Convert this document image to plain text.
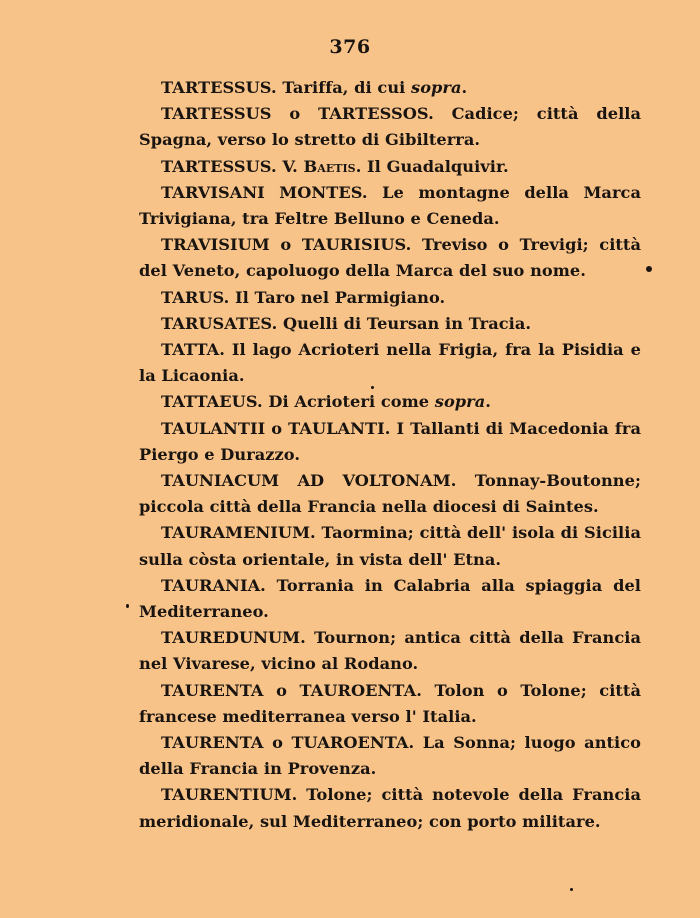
376

TARTESSUS. Tariffa, di cui sopra.

TARTESSUS o TARTESSOS. Cadice; città della Spagna, verso lo stretto di Gibilterra.

TARTESSUS. V. Baetis. Il Guadalquivir.

TARVISANI MONTES. Le montagne della Marca Trivigiana, tra Feltre Belluno e Ceneda.

TRAVISIUM o TAURISIUS. Treviso o Trevigi; città del Veneto, capoluogo della Marca del suo nome.

TARUS. Il Taro nel Parmigiano.

TARUSATES. Quelli di Teursan in Tracia.

TATTA. Il lago Acrioteri nella Frigia, fra la Pisidia e la Licaonia.

TATTAEUS. Di Acrioteri come sopra.

TAULANTII o TAULANTI. I Tallanti di Macedonia fra Piergo e Durazzo.

TAUNIACUM AD VOLTONAM. Tonnay-Boutonne; piccola città della Francia nella diocesi di Saintes.

TAURAMENIUM. Taormina; città dell' isola di Sicilia sulla còsta orientale, in vista dell' Etna.

TAURANIA. Torrania in Calabria alla spiaggia del Mediterraneo.

TAUREDUNUM. Tournon; antica città della Francia nel Vivarese, vicino al Rodano.

TAURENTA o TAUROENTA. Tolon o Tolone; città francese mediterranea verso l' Italia.

TAURENTA o TUAROENTA. La Sonna; luogo antico della Francia in Provenza.

TAURENTIUM. Tolone; città notevole della Francia meridionale, sul Mediterraneo; con porto militare.
